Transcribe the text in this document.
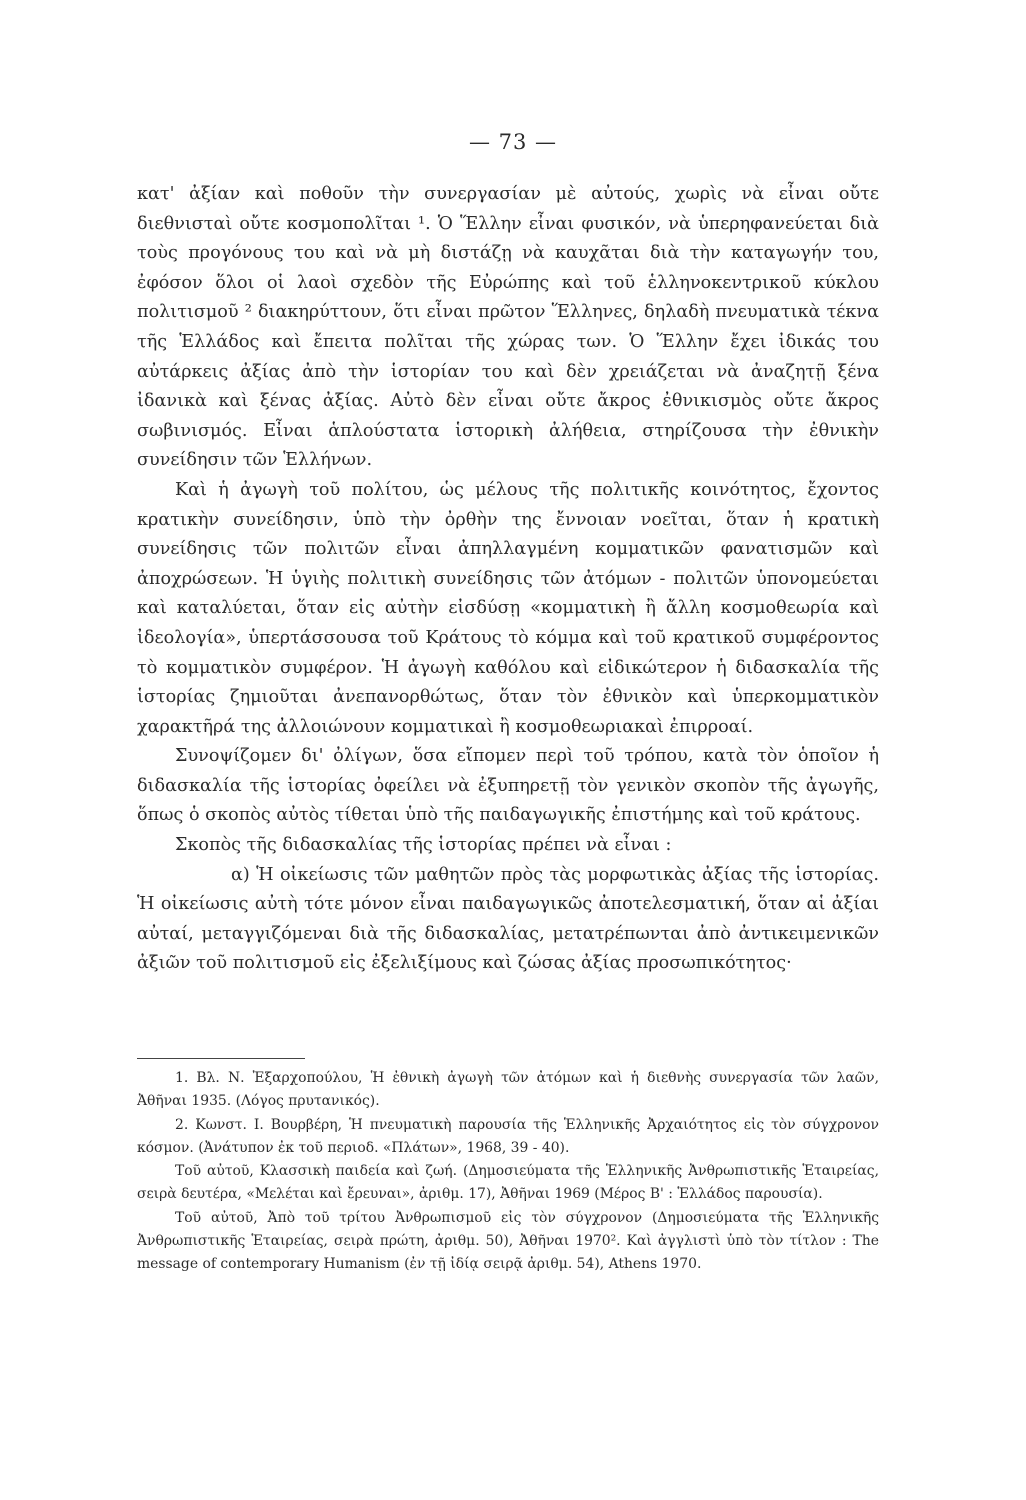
— 73 —

κατ' ἀξίαν καὶ ποθοῦν τὴν συνεργασίαν μὲ αὐτούς, χωρὶς νὰ εἶναι οὔτε διεθνισταὶ οὔτε κοσμοπολῖται ¹. Ὁ Ἕλλην εἶναι φυσικόν, νὰ ὑπερηφανεύεται διὰ τοὺς προγόνους του καὶ νὰ μὴ διστάζῃ νὰ καυχᾶται διὰ τὴν καταγωγήν του, ἐφόσον ὅλοι οἱ λαοὶ σχεδὸν τῆς Εὐρώπης καὶ τοῦ ἑλληνοκεντρικοῦ κύκλου πολιτισμοῦ ² διακηρύττουν, ὅτι εἶναι πρῶτον Ἕλληνες, δηλαδὴ πνευματικὰ τέκνα τῆς Ἑλλάδος καὶ ἔπειτα πολῖται τῆς χώρας των. Ὁ Ἕλλην ἔχει ἰδικάς του αὐτάρκεις ἀξίας ἀπὸ τὴν ἱστορίαν του καὶ δὲν χρειάζεται νὰ ἀναζητῇ ξένα ἰδανικὰ καὶ ξένας ἀξίας. Αὐτὸ δὲν εἶναι οὔτε ἄκρος ἐθνικισμὸς οὔτε ἄκρος σωβινισμός. Εἶναι ἁπλούστατα ἱστορικὴ ἀλήθεια, στηρίζουσα τὴν ἐθνικὴν συνείδησιν τῶν Ἑλλήνων.

Καὶ ἡ ἀγωγὴ τοῦ πολίτου, ὡς μέλους τῆς πολιτικῆς κοινότητος, ἔχοντος κρατικὴν συνείδησιν, ὑπὸ τὴν ὀρθὴν της ἔννοιαν νοεῖται, ὅταν ἡ κρατικὴ συνείδησις τῶν πολιτῶν εἶναι ἀπηλλαγμένη κομματικῶν φανατισμῶν καὶ ἀποχρώσεων. Ἡ ὑγιὴς πολιτικὴ συνείδησις τῶν ἀτόμων - πολιτῶν ὑπονομεύεται καὶ καταλύεται, ὅταν εἰς αὐτὴν εἰσδύσῃ «κομματικὴ ἢ ἄλλη κοσμοθεωρία καὶ ἰδεολογία», ὑπερτάσσουσα τοῦ Κράτους τὸ κόμμα καὶ τοῦ κρατικοῦ συμφέροντος τὸ κομματικὸν συμφέρον. Ἡ ἀγωγὴ καθόλου καὶ εἰδικώτερον ἡ διδασκαλία τῆς ἱστορίας ζημιοῦται ἀνεπανορθώτως, ὅταν τὸν ἐθνικὸν καὶ ὑπερκομματικὸν χαρακτῆρά της ἀλλοιώνουν κομματικαὶ ἢ κοσμοθεωριακαὶ ἐπιρροαί.

Συνοψίζομεν δι' ὀλίγων, ὅσα εἴπομεν περὶ τοῦ τρόπου, κατὰ τὸν ὁποῖον ἡ διδασκαλία τῆς ἱστορίας ὀφείλει νὰ ἐξυπηρετῇ τὸν γενικὸν σκοπὸν τῆς ἀγωγῆς, ὅπως ὁ σκοπὸς αὐτὸς τίθεται ὑπὸ τῆς παιδαγωγικῆς ἐπιστήμης καὶ τοῦ κράτους.

Σκοπὸς τῆς διδασκαλίας τῆς ἱστορίας πρέπει νὰ εἶναι :

α) Ἡ οἰκείωσις τῶν μαθητῶν πρὸς τὰς μορφωτικὰς ἀξίας τῆς ἱστορίας. Ἡ οἰκείωσις αὐτὴ τότε μόνον εἶναι παιδαγωγικῶς ἀποτελεσματική, ὅταν αἱ ἀξίαι αὐταί, μεταγγιζόμεναι διὰ τῆς διδασκαλίας, μετατρέπωνται ἀπὸ ἀντικειμενικῶν ἀξιῶν τοῦ πολιτισμοῦ εἰς ἐξελιξίμους καὶ ζώσας ἀξίας προσωπικότητος·

1. Βλ. Ν. Ἐξαρχοπούλου, Ἡ ἐθνικὴ ἀγωγὴ τῶν ἀτόμων καὶ ἡ διεθνὴς συνεργασία τῶν λαῶν, Ἀθῆναι 1935. (Λόγος πρυτανικός).

2. Κωνστ. Ι. Βουρβέρη, Ἡ πνευματικὴ παρουσία τῆς Ἑλληνικῆς Ἀρχαιότητος εἰς τὸν σύγχρονον κόσμον. (Ἀνάτυπον ἐκ τοῦ περιοδ. «Πλάτων», 1968, 39 - 40).

Τοῦ αὐτοῦ, Κλασσικὴ παιδεία καὶ ζωή. (Δημοσιεύματα τῆς Ἑλληνικῆς Ἀνθρωπιστικῆς Ἑταιρείας, σειρὰ δευτέρα, «Μελέται καὶ ἔρευναι», ἀριθμ. 17), Ἀθῆναι 1969 (Μέρος Β' : Ἑλλάδος παρουσία).

Τοῦ αὐτοῦ, Ἀπὸ τοῦ τρίτου Ἀνθρωπισμοῦ εἰς τὸν σύγχρονον (Δημοσιεύματα τῆς Ἑλληνικῆς Ἀνθρωπιστικῆς Ἑταιρείας, σειρὰ πρώτη, ἀριθμ. 50), Ἀθῆναι 1970². Καὶ ἀγγλιστὶ ὑπὸ τὸν τίτλον : The message of contemporary Humanism (ἐν τῇ ἰδίᾳ σειρᾷ ἀριθμ. 54), Athens 1970.
